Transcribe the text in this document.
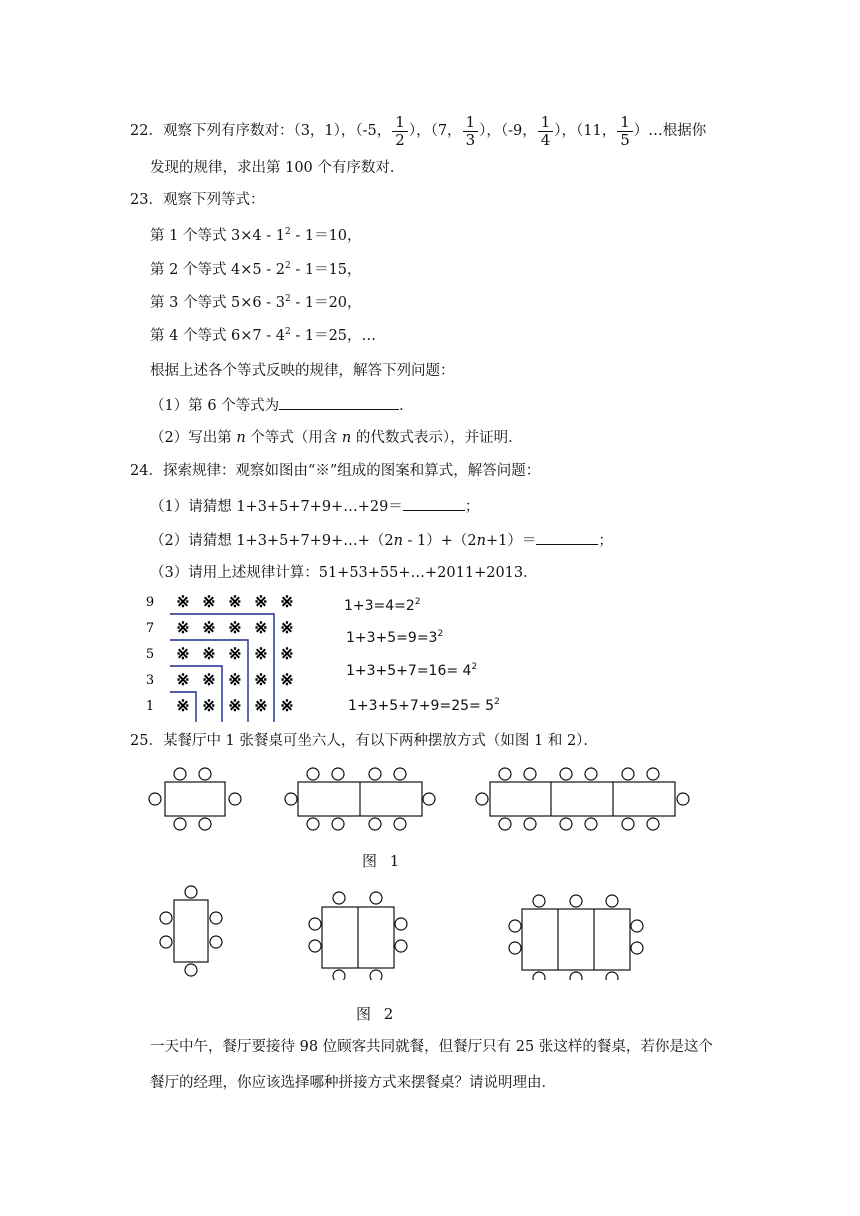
22．观察下列有序数对：（3，1），（-5， $\frac{1}{2}$ ），（7， $\frac{1}{3}$ ），（-9， $\frac{1}{4}$ ），（11， $\frac{1}{5}$ ）…根据你
发现的规律，求出第 100 个有序数对．
23．观察下列等式：
第 1 个等式 $3\times 4 - 1^2 - 1=10$，
第 2 个等式 $4\times 5 - 2^2 - 1=15$，
第 3 个等式 $5\times 6 - 3^2 - 1=20$，
第 4 个等式 $6\times 7 - 4^2 - 1=25$，…
根据上述各个等式反映的规律，解答下列问题：
（1）第 6 个等式为	．
（2）写出第 n 个等式（用含 n 的代数式表示），并证明．
24．探索规律：观察如图由“※”组成的图案和算式，解答问题：
（1）请猜想 1+3+5+7+9+…+29＝	；
（2）请猜想 1+3+5+7+9+…+（2n - 1）+（2n+1）＝	；
（3）请用上述规律计算：51+53+55+…+2011+2013．
9
7
5
3
1
※ ※ ※ ※ ※
※ ※ ※ ※ ※
※ ※ ※ ※ ※
※ ※ ※ ※ ※
※ ※ ※ ※ ※
$1+3=4=2^2$
$1+3+5=9=3^2$
$1+3+5+7=16= 4^2$
$1+3+5+7+9=25= 5^2$
25．某餐厅中 1 张餐桌可坐六人，有以下两种摆放方式（如图 1 和 2）．
图 1
图 2
一天中午，餐厅要接待 98 位顾客共同就餐，但餐厅只有 25 张这样的餐桌，若你是这个
餐厅的经理，你应该选择哪种拼接方式来摆餐桌？请说明理由．
